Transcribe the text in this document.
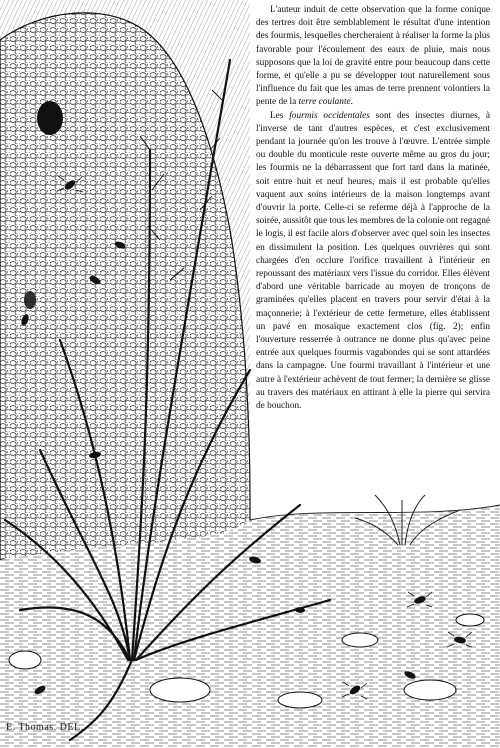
L'auteur induit de cette observation que la forme conique des tertres doit être semblablement le résultat d'une intention des fourmis, lesquelles chercheraient à réaliser la forme la plus favorable pour l'écoulement des eaux de pluie, mais nous supposons que la loi de gravité entre pour beaucoup dans cette forme, et qu'elle a pu se développer tout naturellement sous l'influence du fait que les amas de terre prennent volontiers la pente de la terre coulante.

Les fourmis occidentales sont des insectes diurnes, à l'inverse de tant d'autres espèces, et c'est exclusivement pendant la journée qu'on les trouve à l'œuvre. L'entrée simple ou double du monticule reste ouverte même au gros du jour; les fourmis ne la débarrassent que fort tard dans la matinée, soit entre huit et neuf heures, mais il est probable qu'elles vaquent aux soins intérieurs de la maison longtemps avant d'ouvrir la porte. Celle-ci se referme déjà à l'approche de la soirée, aussitôt que tous les membres de la colonie ont regagné le logis, il est facile alors d'observer avec quel soin les insectes en dissimulent la position. Les quelques ouvrières qui sont chargées d'en occlure l'orifice travaillent à l'intérieur en repoussant des matériaux vers l'issue du corridor. Elles élèvent d'abord une véritable barricade au moyen de tronçons de graminées qu'elles placent en travers pour servir d'étai à la maçonnerie; à l'extérieur de cette fermeture, elles établissent un pavé en mosaïque exactement clos (fig. 2); enfin l'ouverture resserrée à outrance ne donne plus qu'avec peine entrée aux quelques fourmis vagabondes qui se sont attardées dans la campagne. Une fourmi travaillant à l'intérieur et une autre à l'extérieur achèvent de tout fermer; la dernière se glisse au travers des matériaux en attirant à elle la pierre qui servira de bouchon.

E. Thomas. DEL.
